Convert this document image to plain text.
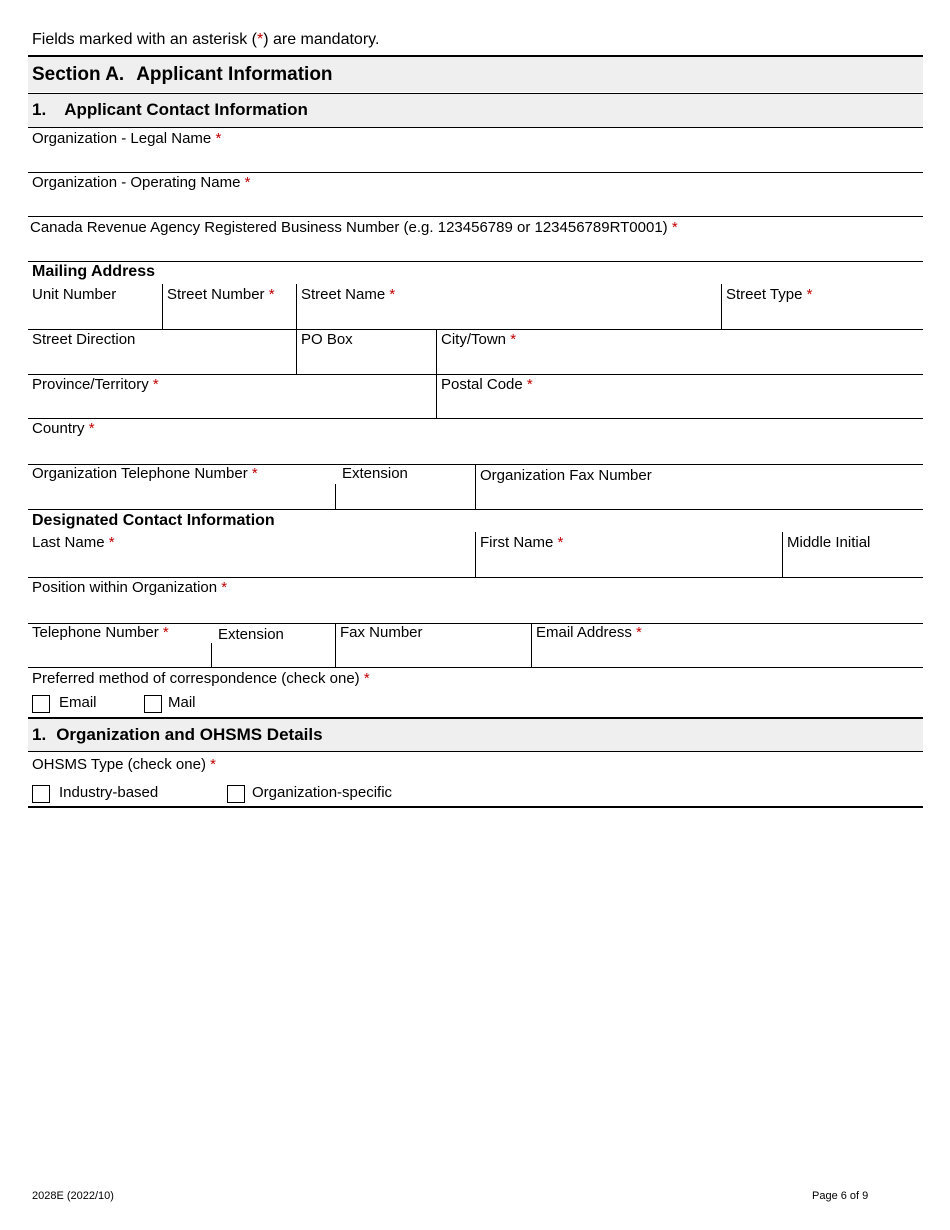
Fields marked with an asterisk (*) are mandatory.
Section A. Applicant Information
1. Applicant Contact Information
Organization - Legal Name *
Organization - Operating Name *
Canada Revenue Agency Registered Business Number (e.g. 123456789 or 123456789RT0001) *
Mailing Address
Unit Number	Street Number * Street Name *	Street Type *
Street Direction	PO Box	City/Town *
Province/Territory *	Postal Code *
Country *
Organization Telephone Number *	Extension	Organization Fax Number
Designated Contact Information
Last Name *	First Name *	Middle Initial
Position within Organization *
Telephone Number *	Extension	Fax Number	Email Address *
Preferred method of correspondence (check one) *
Email	Mail
1. Organization and OHSMS Details
OHSMS Type (check one) *
Industry-based	Organization-specific
2028E (2022/10)	Page 6 of 9
